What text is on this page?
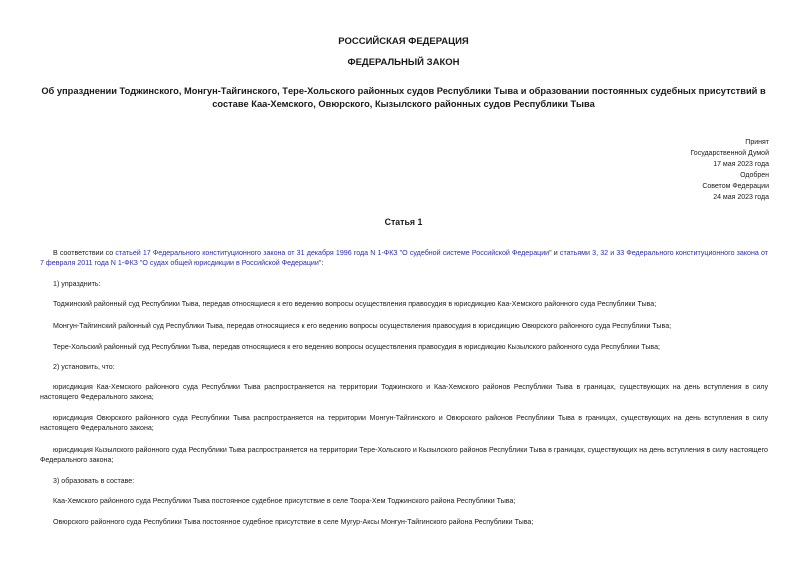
РОССИЙСКАЯ ФЕДЕРАЦИЯ
ФЕДЕРАЛЬНЫЙ ЗАКОН
Об упразднении Тоджинского, Монгун-Тайгинского, Tере-Хольского районных судов Республики Тыва и образовании постоянных судебных присутствий в составе Каа-Хемского, Овюрского, Кызылского районных судов Республики Тыва
Принят
Государственной Думой
17 мая 2023 года
Одобрен
Советом Федерации
24 мая 2023 года
Статья 1
В соответствии со статьей 17 Федерального конституционного закона от 31 декабря 1996 года N 1-ФКЗ "О судебной системе Российской Федерации" и статьями 3, 32 и 33 Федерального конституционного закона от 7 февраля 2011 года N 1-ФКЗ "О судах общей юрисдикции в Российской Федерации":
1) упразднить:
Тоджинский районный суд Республики Тыва, передав относящиеся к его ведению вопросы осуществления правосудия в юрисдикцию Каа-Хемского районного суда Республики Тыва;
Монгун-Тайгинский районный суд Республики Тыва, передав относящиеся к его ведению вопросы осуществления правосудия в юрисдикцию Овюрского районного суда Республики Тыва;
Тере-Хольский районный суд Республики Тыва, передав относящиеся к его ведению вопросы осуществления правосудия в юрисдикцию Кызылского районного суда Республики Тыва;
2) установить, что:
юрисдикция Каа-Хемского районного суда Республики Тыва распространяется на территории Тоджинского и Каа-Хемского районов Республики Тыва в границах, существующих на день вступления в силу настоящего Федерального закона;
юрисдикция Овюрского районного суда Республики Тыва распространяется на территории Монгун-Тайгинского и Овюрского районов Республики Тыва в границах, существующих на день вступления в силу настоящего Федерального закона;
юрисдикция Кызылского районного суда Республики Тыва распространяется на территории Тере-Хольского и Кызылского районов Республики Тыва в границах, существующих на день вступления в силу настоящего Федерального закона;
3) образовать в составе:
Каа-Хемского районного суда Республики Тыва постоянное судебное присутствие в селе Тоора-Хем Тоджинского района Республики Тыва;
Овюрского районного суда Республики Тыва постоянное судебное присутствие в селе Мугур-Аксы Монгун-Тайгинского района Республики Тыва;
